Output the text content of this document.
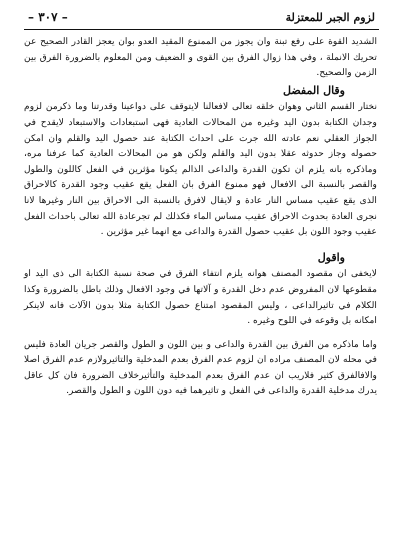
لزوم الجبر للمعتزلة
– ٣٠٧ –

الشديد القوة على رفع تبنة وان يجوز من الممنوع المقيد العدو بوان يعجز القادر الصحيح عن تحريك الانملة ، وفي هذا زوال الفرق بين القوى و الضعيف ومن المعلوم بالضرورة الفرق بين الزمن والصحيح.

وقال المفضل

نختار القسم الثاني وهوان خلقه تعالى لافعالنا لايتوقف على دواعينا وقدرتنا وما ذكرمن لزوم وجدان الكتابة بدون اليد وغيره من المحالات العادية فهى استبعادات والاستبعاد لايقدح في الجواز العقلي نعم عادته الله جرت على احداث الكتابة عند حصول اليد والقلم وان امكن حصوله وجاز حدوثه عقلا بدون اليد والقلم ولكن هو من المحالات العادية كما عرفنا مره، وماذكره بانه يلزم ان تكون القدرة والداعى الذالم يكونا مؤثرين في الفعل كاللون والطول والقصر بالنسبة الى الافعال فهو ممنوع الفرق بان الفعل يقع عقيب وجود القدرة كالاحراق الذى يقع عقيب مساس النار عادة و لايقال لافرق بالنسبة الى الاحراق بين النار وغيرها لانا نجرى العادة بحدوث الاحراق عقيب مساس الماء فكذلك لم تجرعادة الله تعالى باحداث الفعل عقيب وجود اللون بل عقيب حصول القدرة والداعى مع انهما غير مؤثرين .

واقول

لايخفى ان مقصود المصنف هوانه يلزم انتفاء الفرق في صحة نسبة الكتابة الى ذى اليد او مقطوعها لان المفروض عدم دخل القدرة و آلاتها في وجود الافعال وذلك باطل بالضرورة وكذا الكلام في تاثيرالداعى ، وليس المقصود امتناع حصول الكتابة مثلا بدون الآلات فانه لاينكر امكانه بل وقوعه في اللوح وغيره .

واما ماذكره من الفرق بين القدرة والداعى و بين اللون و الطول والقصر جريان العادة فليس في محله لان المصنف مراده ان لزوم عدم الفرق بعدم المدخلية والتاثيرولازم عدم الفرق اصلا والافالفرق كثير فلاريب ان عدم الفرق بعدم المدخلية والتأثيرخلاف الضرورة فان كل عاقل يدرك مدخلية القدرة والداعى في الفعل و تاثيرهما فيه دون اللون و الطول والقصر.
